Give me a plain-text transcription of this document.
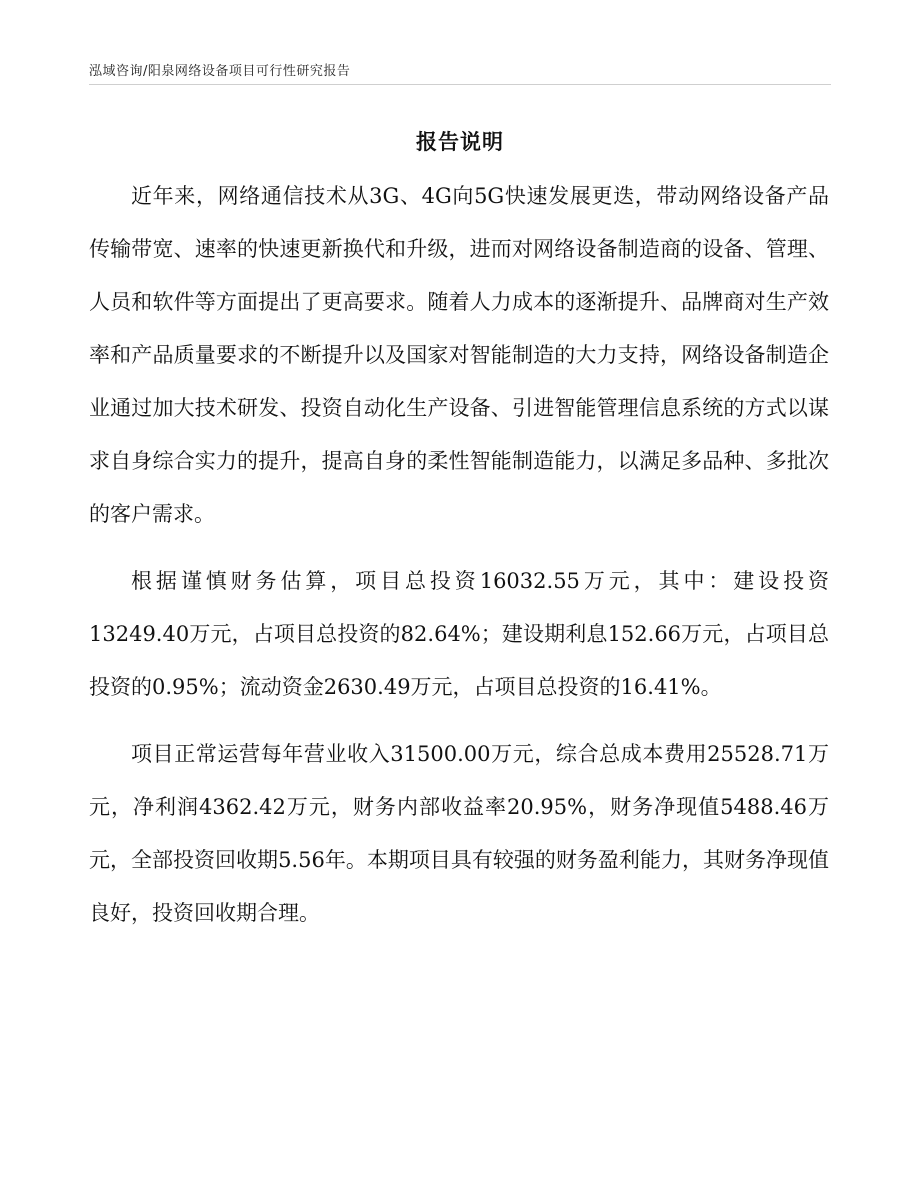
泓域咨询/阳泉网络设备项目可行性研究报告
报告说明

近年来，网络通信技术从3G、4G向5G快速发展更迭，带动网络设备产品传输带宽、速率的快速更新换代和升级，进而对网络设备制造商的设备、管理、人员和软件等方面提出了更高要求。随着人力成本的逐渐提升、品牌商对生产效率和产品质量要求的不断提升以及国家对智能制造的大力支持，网络设备制造企业通过加大技术研发、投资自动化生产设备、引进智能管理信息系统的方式以谋求自身综合实力的提升，提高自身的柔性智能制造能力，以满足多品种、多批次的客户需求。

根据谨慎财务估算，项目总投资16032.55万元，其中：建设投资13249.40万元，占项目总投资的82.64%；建设期利息152.66万元，占项目总投资的0.95%；流动资金2630.49万元，占项目总投资的16.41%。

项目正常运营每年营业收入31500.00万元，综合总成本费用25528.71万元，净利润4362.42万元，财务内部收益率20.95%，财务净现值5488.46万元，全部投资回收期5.56年。本期项目具有较强的财务盈利能力，其财务净现值良好，投资回收期合理。
